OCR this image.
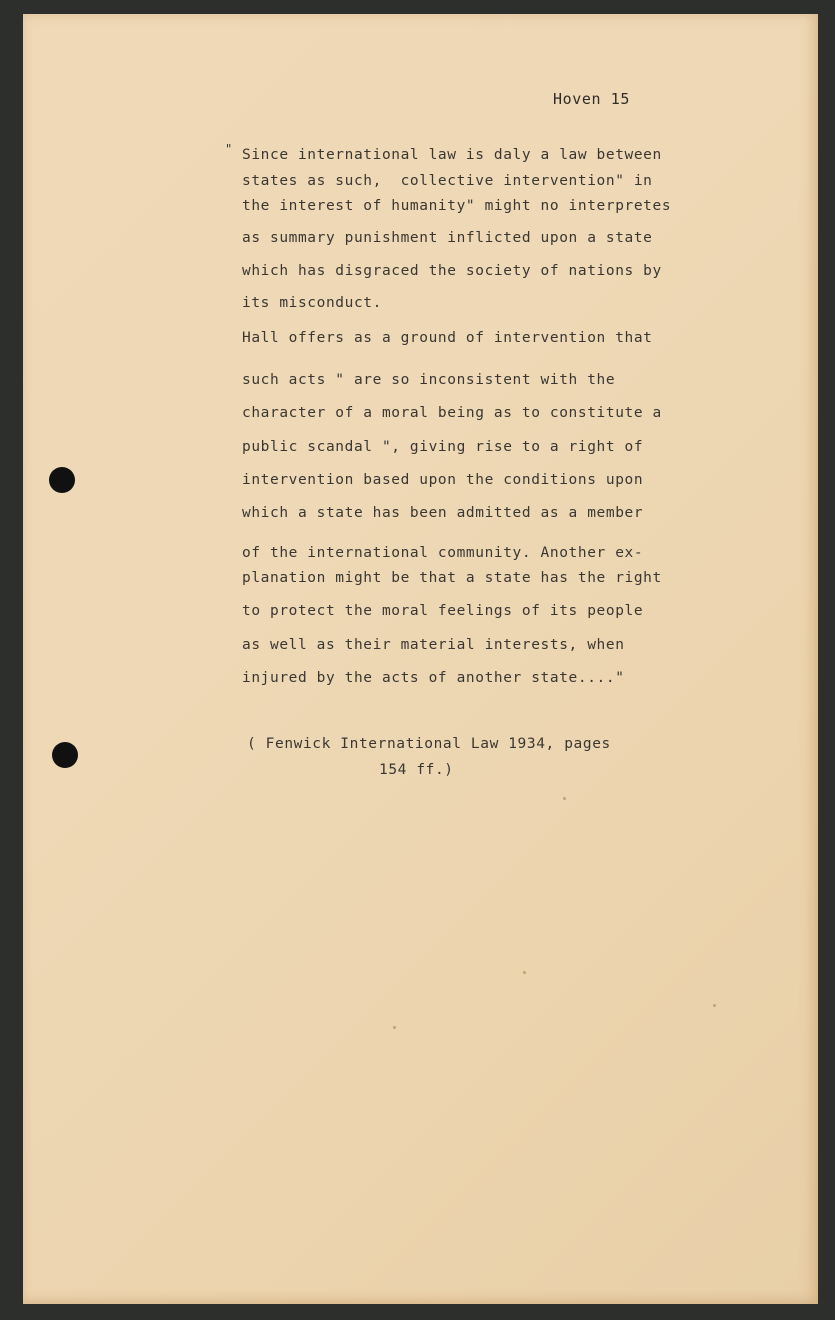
Hoven 15

" Since international law is daly a law between

states as such,  collective intervention" in

the interest of humanity" might no interpretes

as summary punishment inflicted upon a state

which has disgraced the society of nations by

its misconduct.

Hall offers as a ground of intervention that

such acts " are so inconsistent with the

character of a moral being as to constitute a

public scandal ", giving rise to a right of

intervention based upon the conditions upon

which a state has been admitted as a member

of the international community. Another ex-

planation might be that a state has the right

to protect the moral feelings of its people

as well as their material interests, when

injured by the acts of another state...."

( Fenwick International Law 1934, pages

154 ff.)
